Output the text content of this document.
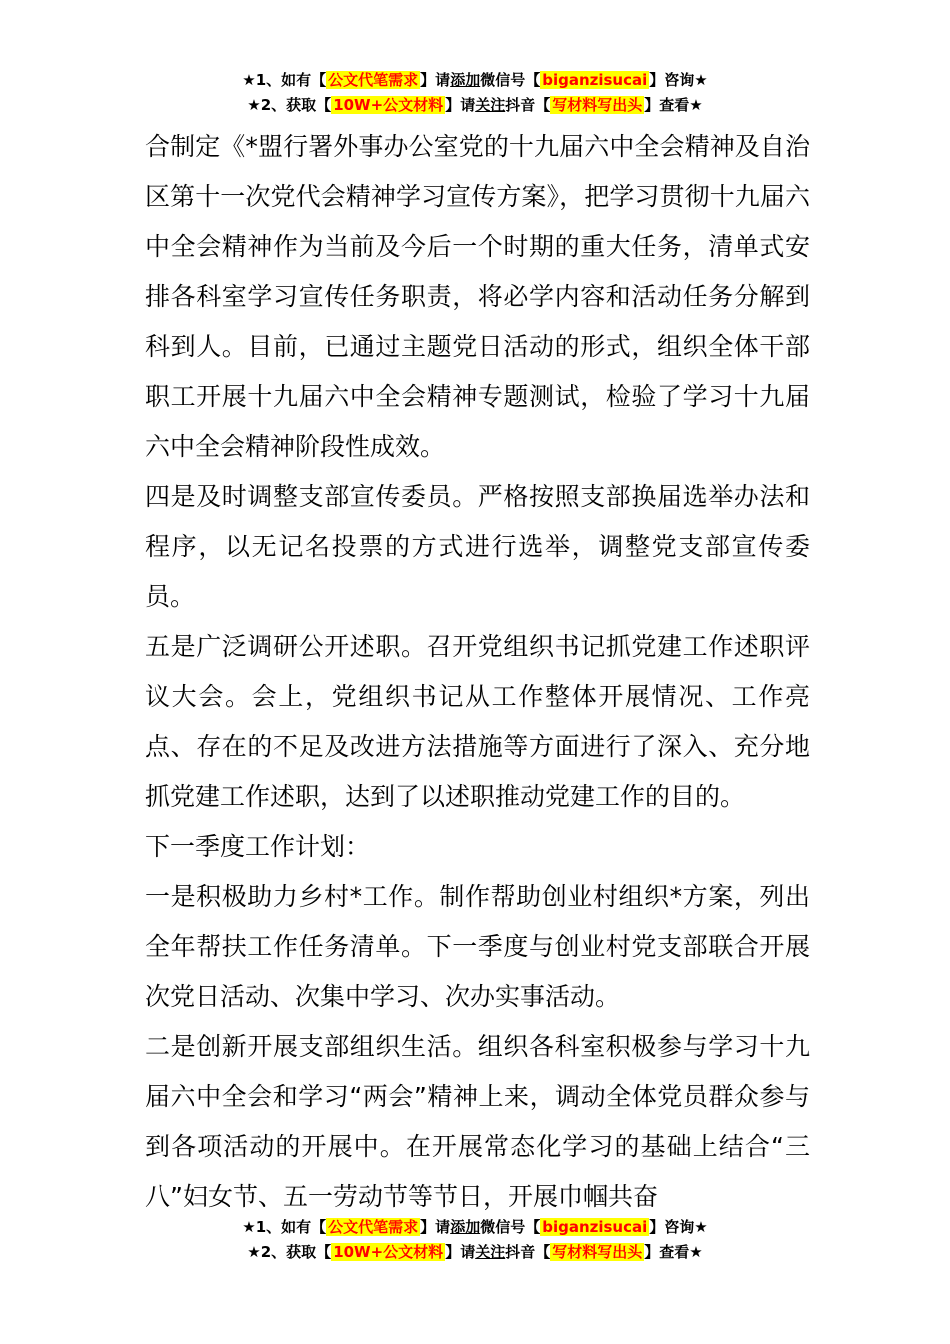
★1、如有【 公文代笔需求 】请添加微信号【 biganzisucai 】咨询★
★2、获取【 10W+公文材料 】请关注抖音【 写材料写出头 】查看★

合制定《*盟行署外事办公室党的十九届六中全会精神及自治区第十一次党代会精神学习宣传方案》，把学习贯彻十九届六中全会精神作为当前及今后一个时期的重大任务，清单式安排各科室学习宣传任务职责，将必学内容和活动任务分解到科到人。目前，已通过主题党日活动的形式，组织全体干部职工开展十九届六中全会精神专题测试，检验了学习十九届六中全会精神阶段性成效。

四是及时调整支部宣传委员。严格按照支部换届选举办法和程序，以无记名投票的方式进行选举，调整党支部宣传委员。

五是广泛调研公开述职。召开党组织书记抓党建工作述职评议大会。会上，党组织书记从工作整体开展情况、工作亮点、存在的不足及改进方法措施等方面进行了深入、充分地抓党建工作述职，达到了以述职推动党建工作的目的。

下一季度工作计划：

一是积极助力乡村*工作。制作帮助创业村组织*方案，列出全年帮扶工作任务清单。下一季度与创业村党支部联合开展次党日活动、次集中学习、次办实事活动。

二是创新开展支部组织生活。组织各科室积极参与学习十九届六中全会和学习“两会”精神上来，调动全体党员群众参与到各项活动的开展中。在开展常态化学习的基础上结合“三八”妇女节、五一劳动节等节日，开展巾帼共奋

★1、如有【 公文代笔需求 】请添加微信号【 biganzisucai 】咨询★
★2、获取【 10W+公文材料 】请关注抖音【 写材料写出头 】查看★
